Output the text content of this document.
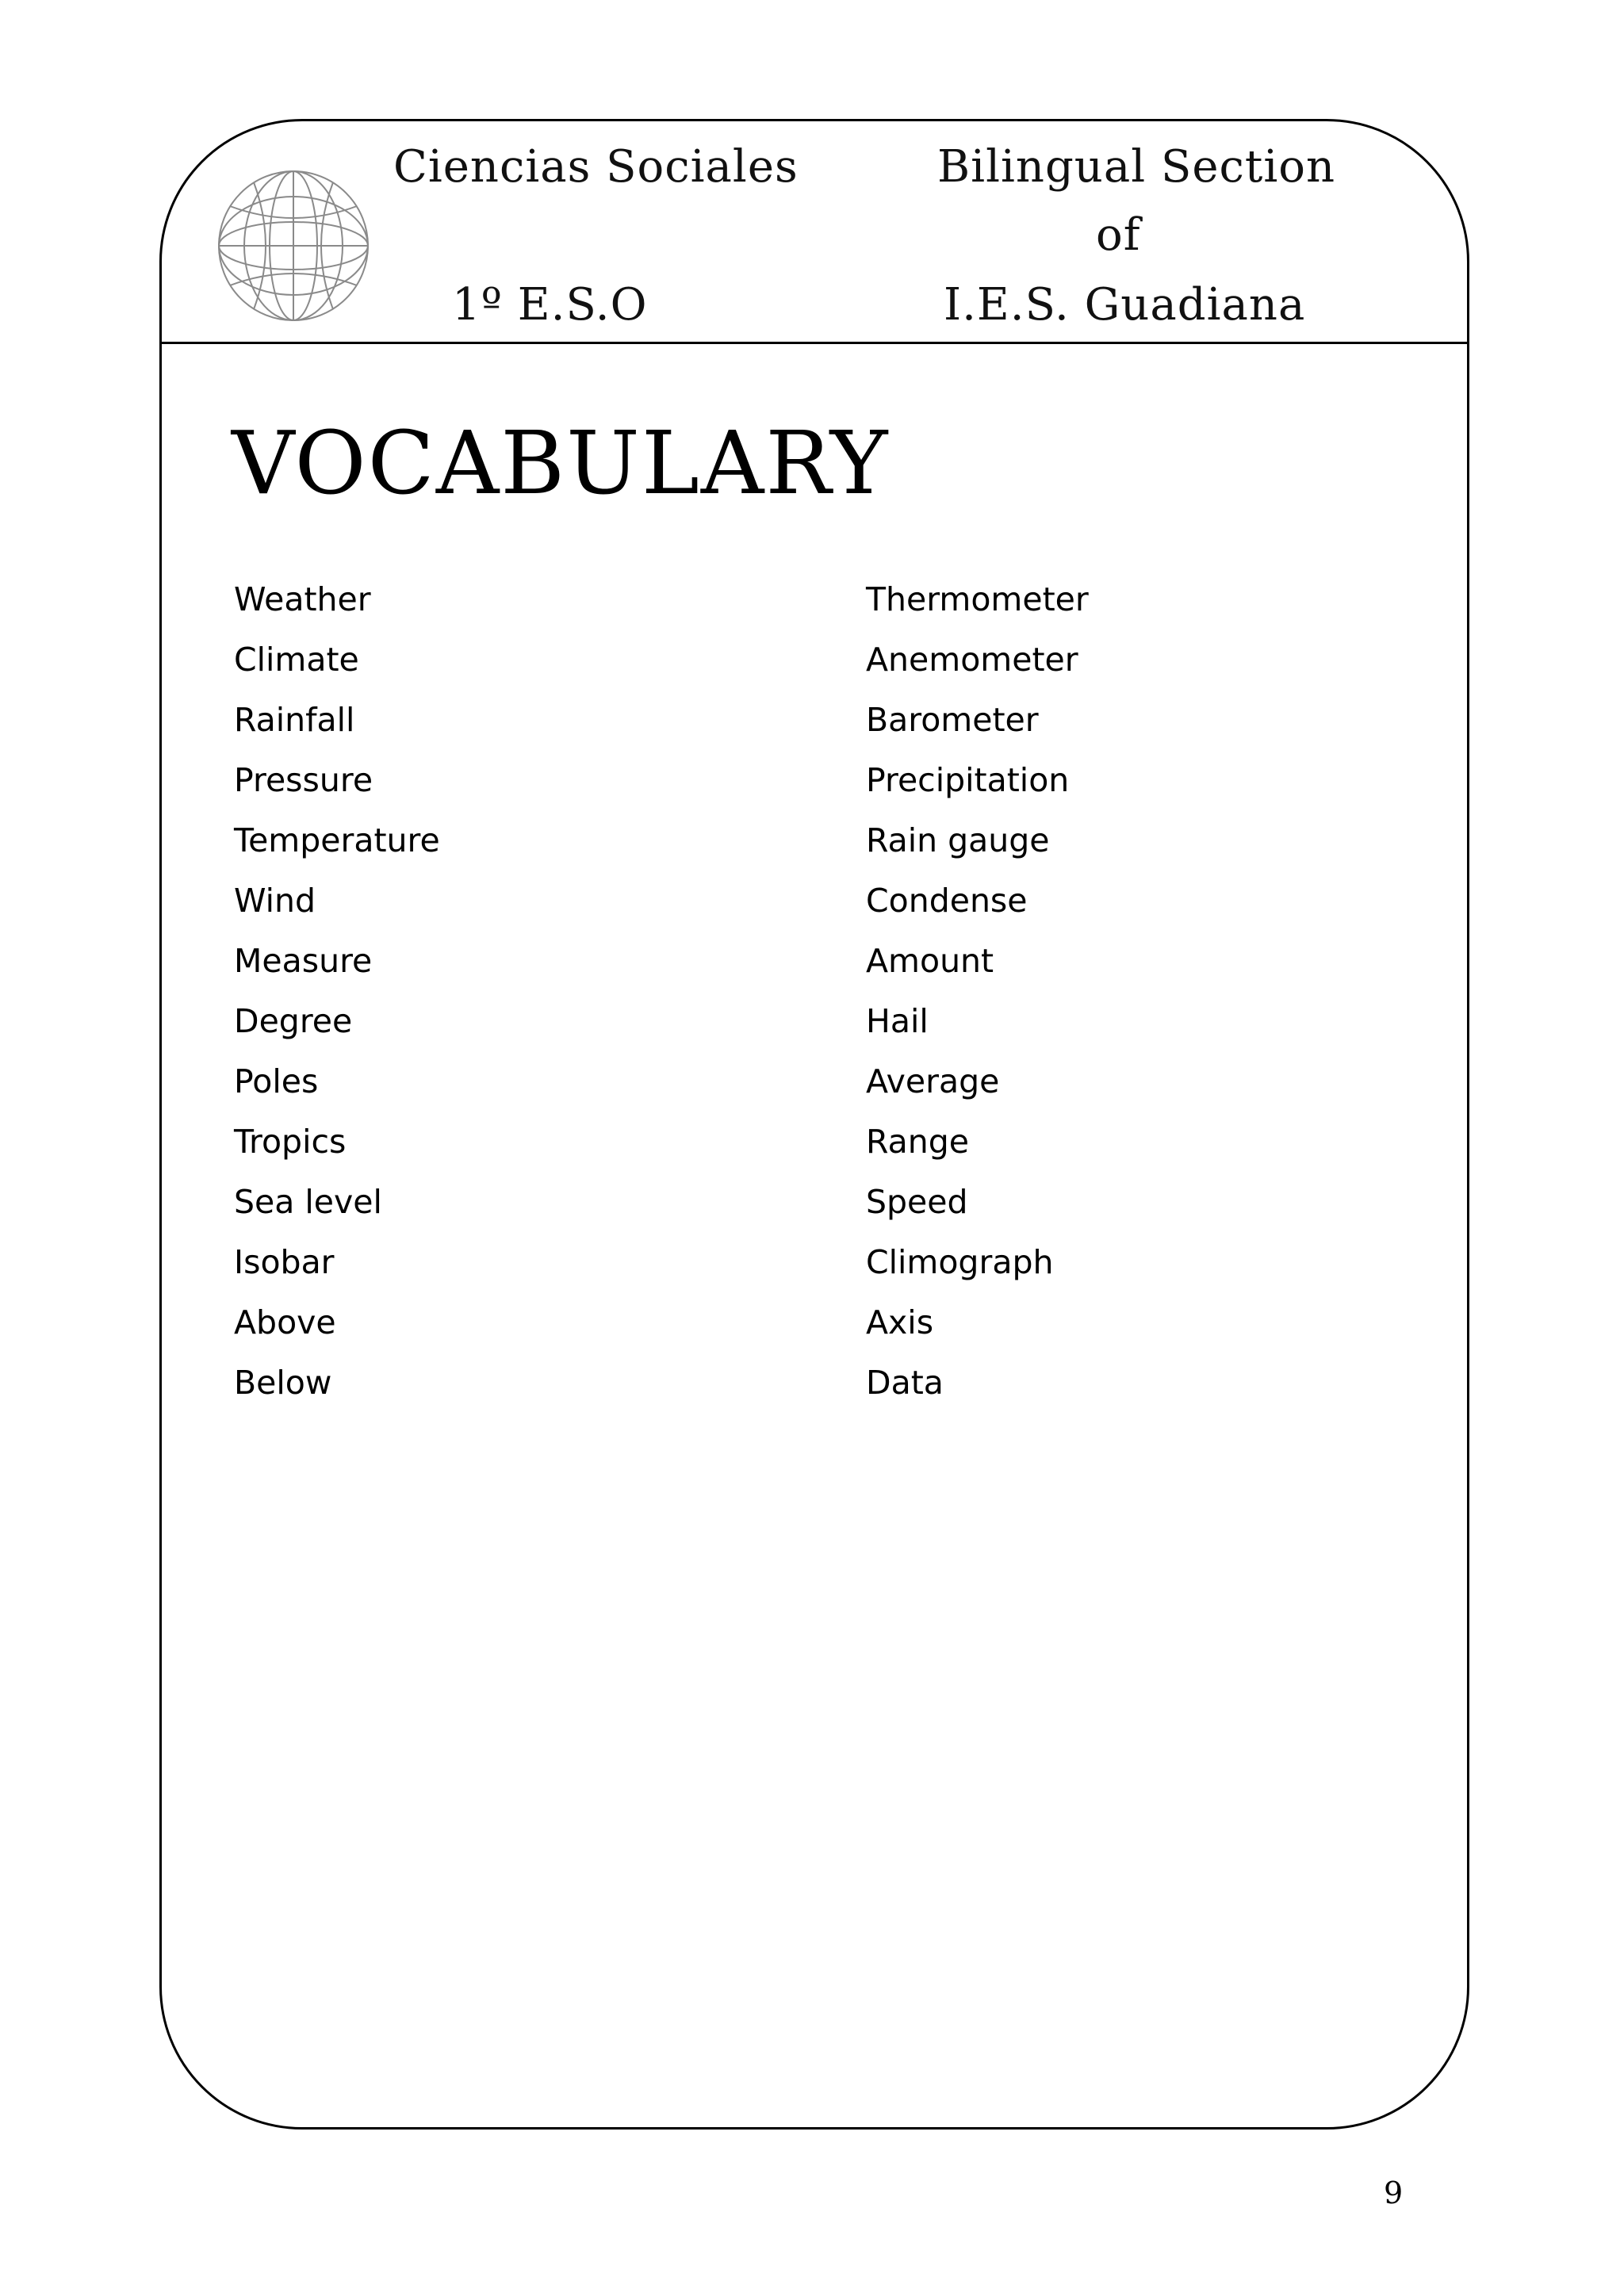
Ciencias Sociales
1º E.S.O
Bilingual Section
of
I.E.S. Guadiana
VOCABULARY
Weather
Climate
Rainfall
Pressure
Temperature
Wind
Measure
Degree
Poles
Tropics
Sea level
Isobar
Above
Below
Thermometer
Anemometer
Barometer
Precipitation
Rain gauge
Condense
Amount
Hail
Average
Range
Speed
Climograph
Axis
Data
9
